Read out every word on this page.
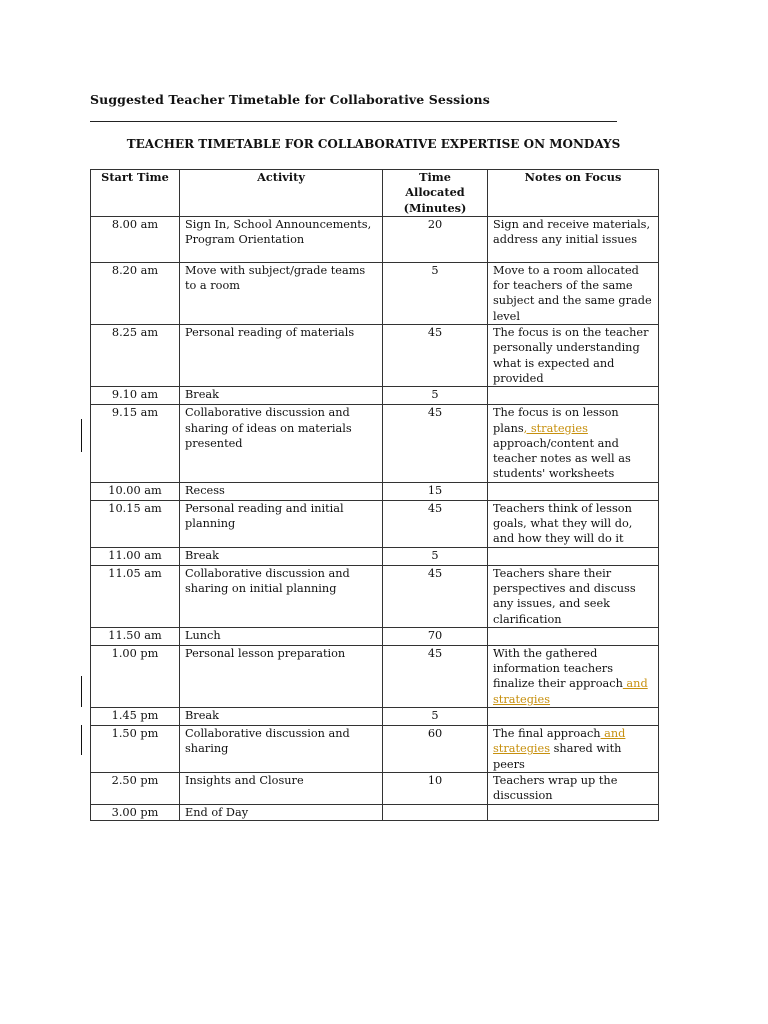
Suggested Teacher Timetable for Collaborative Sessions
TEACHER TIMETABLE FOR COLLABORATIVE EXPERTISE ON MONDAYS
Start Time	Activity	Time Allocated (Minutes)	Notes on Focus
8.00 am	Sign In, School Announcements, Program Orientation	20	Sign and receive materials, address any initial issues
8.20 am	Move with subject/grade teams to a room	5	Move to a room allocated for teachers of the same subject and the same grade level
8.25 am	Personal reading of materials	45	The focus is on the teacher personally understanding what is expected and provided
9.10 am	Break	5	
9.15 am	Collaborative discussion and sharing of ideas on materials presented	45	The focus is on lesson plans, strategies approach/content and teacher notes as well as students' worksheets
10.00 am	Recess	15	
10.15 am	Personal reading and initial planning	45	Teachers think of lesson goals, what they will do, and how they will do it
11.00 am	Break	5	
11.05 am	Collaborative discussion and sharing on initial planning	45	Teachers share their perspectives and discuss any issues, and seek clarification
11.50 am	Lunch	70	
1.00 pm	Personal lesson preparation	45	With the gathered information teachers finalize their approach and strategies
1.45 pm	Break	5	
1.50 pm	Collaborative discussion and sharing	60	The final approach and strategies shared with peers
2.50 pm	Insights and Closure	10	Teachers wrap up the discussion
3.00 pm	End of Day		
